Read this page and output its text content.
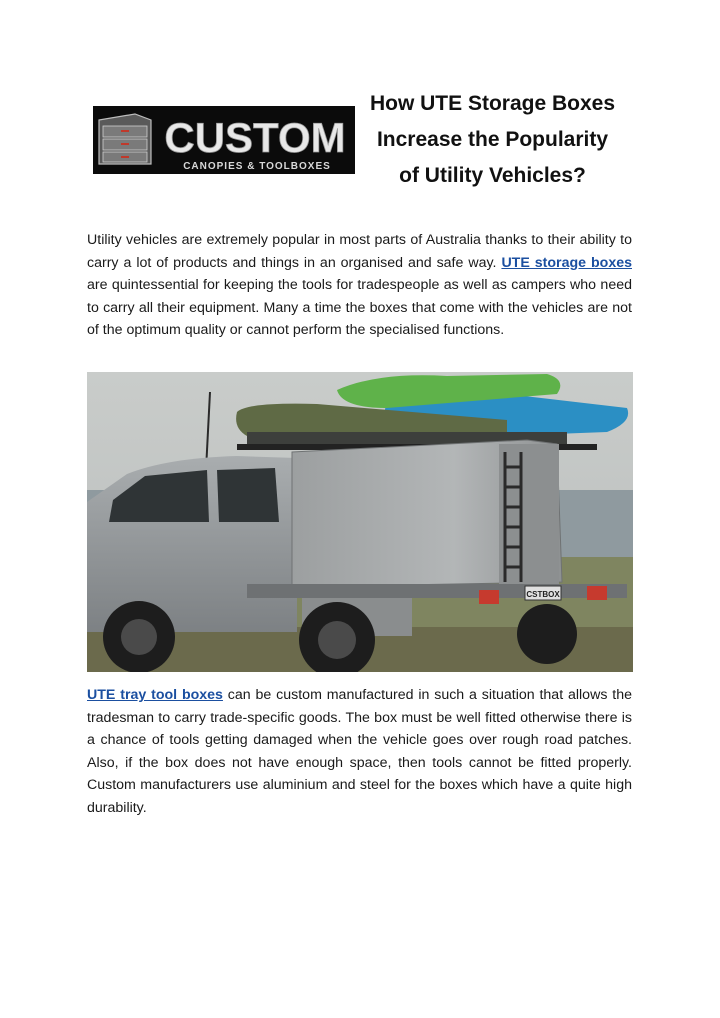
CUSTOM
CANOPIES & TOOLBOXES
How UTE Storage Boxes
Increase the Popularity
of Utility Vehicles?

Utility vehicles are extremely popular in most parts of Australia thanks to their ability to carry a lot of products and things in an organised and safe way. UTE storage boxes are quintessential for keeping the tools for tradespeople as well as campers who need to carry all their equipment. Many a time the boxes that come with the vehicles are not of the optimum quality or cannot perform the specialised functions.

CSTBOX

UTE tray tool boxes can be custom manufactured in such a situation that allows the tradesman to carry trade-specific goods. The box must be well fitted otherwise there is a chance of tools getting damaged when the vehicle goes over rough road patches. Also, if the box does not have enough space, then tools cannot be fitted properly. Custom manufacturers use aluminium and steel for the boxes which have a quite high durability.
